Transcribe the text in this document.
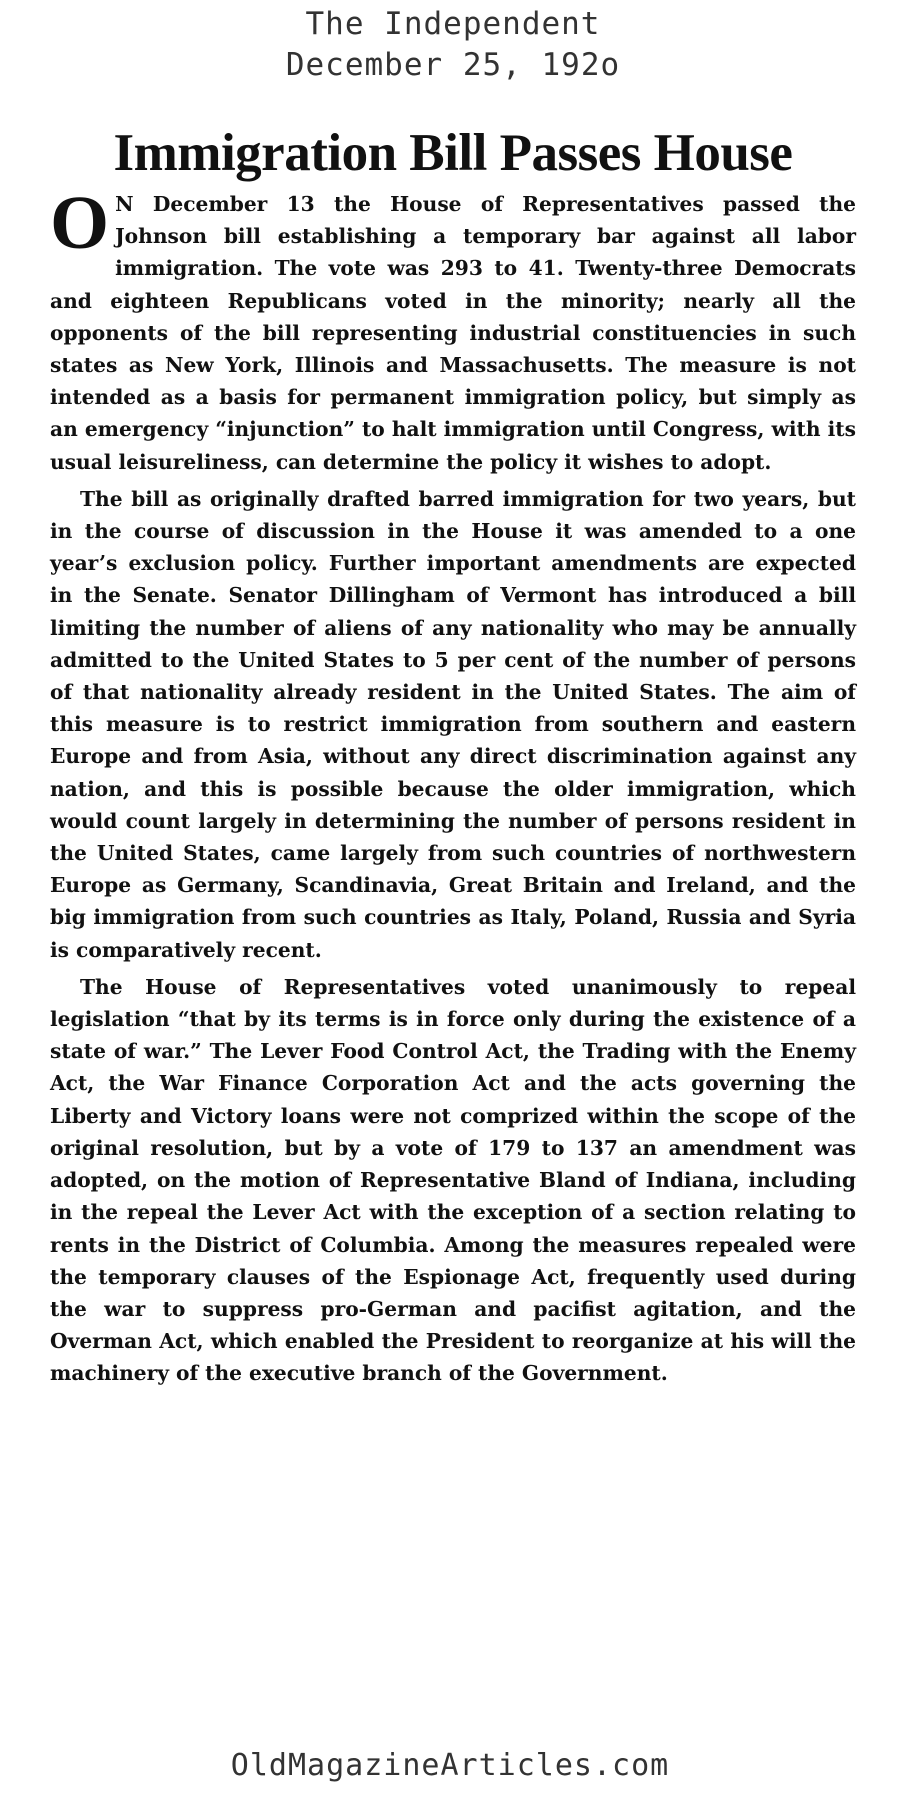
The Independent
December 25, 192o
Immigration Bill Passes House

O N December 13 the House of Representatives passed the Johnson bill establishing a temporary bar against all labor immigration. The vote was 293 to 41. Twenty-three Democrats and eighteen Republicans voted in the minority; nearly all the opponents of the bill representing industrial constituencies in such states as New York, Illinois and Massachusetts. The measure is not intended as a basis for permanent immigration policy, but simply as an emergency “injunction” to halt immigration until Congress, with its usual leisureliness, can determine the policy it wishes to adopt.

The bill as originally drafted barred immigration for two years, but in the course of discussion in the House it was amended to a one year’s exclusion policy. Further important amendments are expected in the Senate. Senator Dillingham of Vermont has introduced a bill limiting the number of aliens of any nationality who may be annually admitted to the United States to 5 per cent of the number of persons of that nationality already resident in the United States. The aim of this measure is to restrict immigration from southern and eastern Europe and from Asia, without any direct discrimination against any nation, and this is possible because the older immigration, which would count largely in determining the number of persons resident in the United States, came largely from such countries of northwestern Europe as Germany, Scandinavia, Great Britain and Ireland, and the big immigration from such countries as Italy, Poland, Russia and Syria is comparatively recent.

The House of Representatives voted unanimously to repeal legislation “that by its terms is in force only during the existence of a state of war.” The Lever Food Control Act, the Trading with the Enemy Act, the War Finance Corporation Act and the acts governing the Liberty and Victory loans were not comprized within the scope of the original resolution, but by a vote of 179 to 137 an amendment was adopted, on the motion of Representative Bland of Indiana, including in the repeal the Lever Act with the exception of a section relating to rents in the District of Columbia. Among the measures repealed were the temporary clauses of the Espionage Act, frequently used during the war to suppress pro-German and pacifist agitation, and the Overman Act, which enabled the President to reorganize at his will the machinery of the executive branch of the Government.

OldMagazineArticles.com
